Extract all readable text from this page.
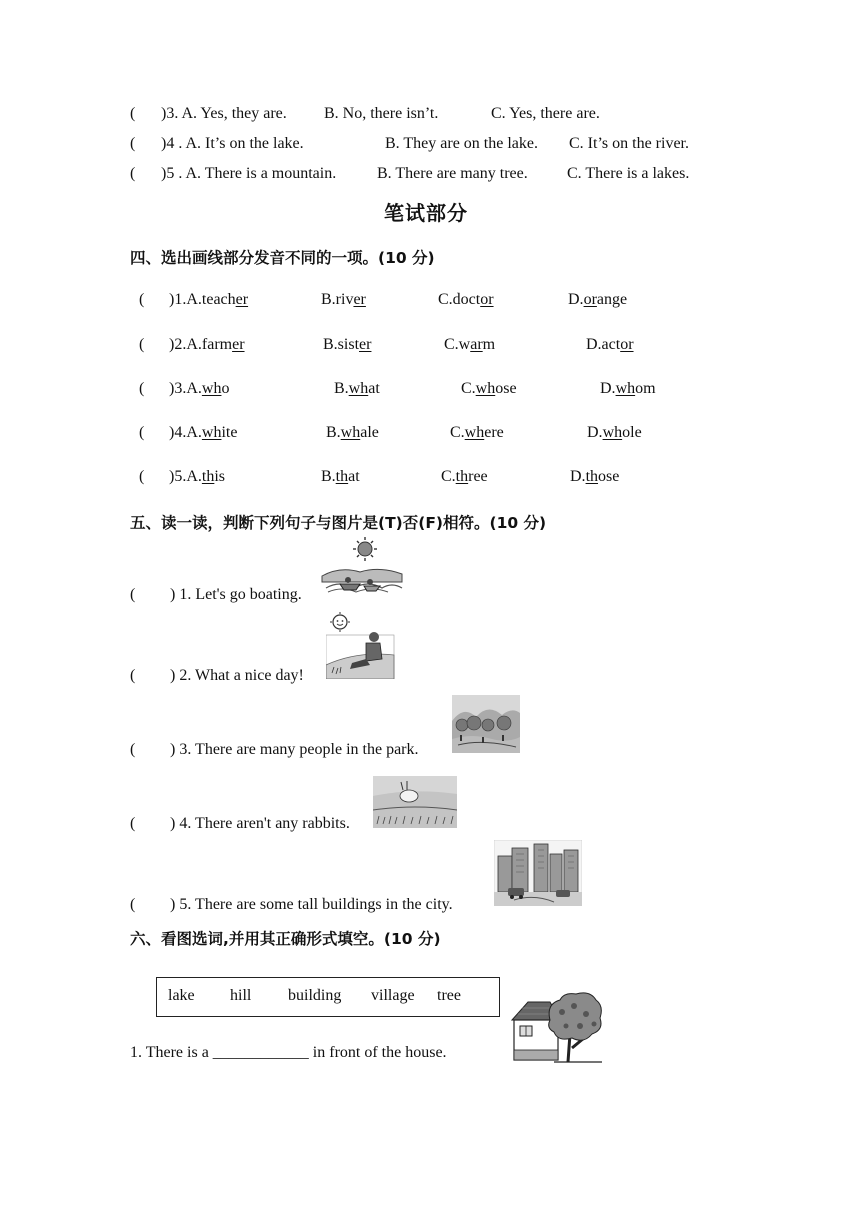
( )3. A. Yes, they are. B. No, there isn’t.	C. Yes, there are.
( )4 . A. It’s on the lake.	B. They are on the lake. C. It’s on the river.
( )5 . A. There is a mountain.	B. There are many tree. C. There is a lakes.
笔试部分
四、选出画线部分发音不同的一项。(10 分)
( )1.A.teacher	B.river	C.doctor	D.orange
( )2.A.farmer	B.sister	C.warm	D.actor
( )3.A.who	B.what	C.whose	D.whom
( )4.A.white	B.whale	C.where	D.whole
( )5.A.this	B.that	C.three	D.those
五、读一读，判断下列句子与图片是(T)否(F)相符。(10 分)
( ) 1. Let's go boating.
( ) 2. What a nice day!
( ) 3. There are many people in the park.
( ) 4. There aren't any rabbits.
( ) 5. There are some tall buildings in the city.
六、看图选词,并用其正确形式填空。(10 分)
lake hill building village tree
1. There is a ____________ in front of the house.
